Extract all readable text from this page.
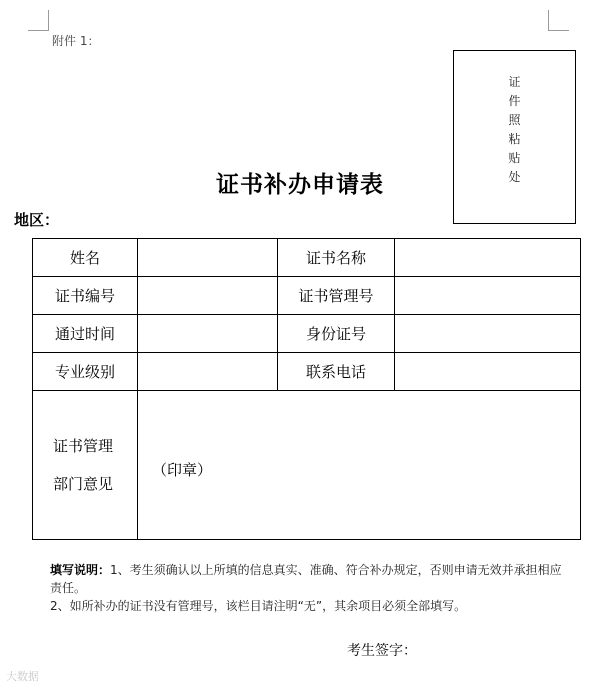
附件 1：
证
件
照
粘
贴
处
证书补办申请表
地区：
姓名		证书名称	
证书编号		证书管理号	
通过时间		身份证号	
专业级别		联系电话	

证书管理
部门意见	（印章）		
填写说明：1、考生须确认以上所填的信息真实、准确、符合补办规定，否则申请无效并承担相应责任。
2、如所补办的证书没有管理号，该栏目请注明“无”，其余项目必须全部填写。
考生签字：
大数据
